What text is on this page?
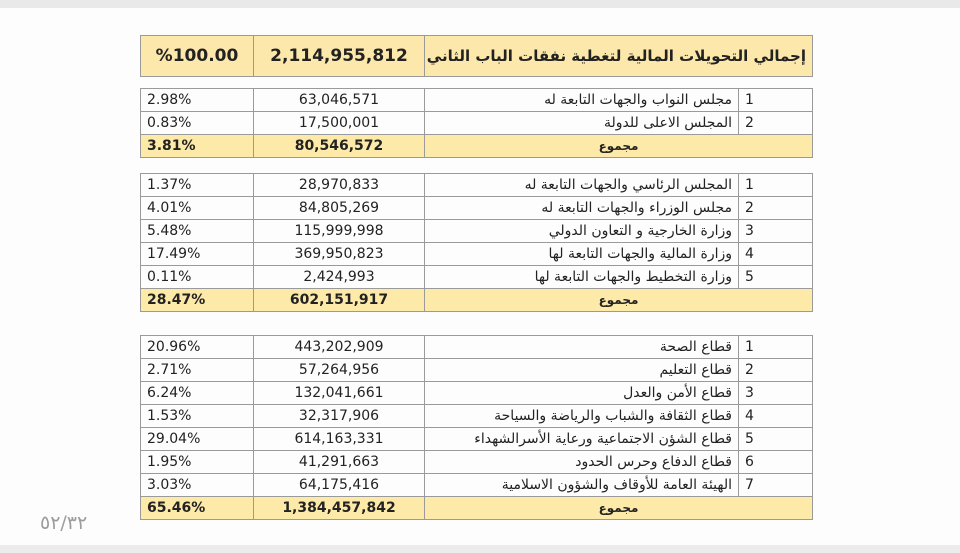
%100.00	2,114,955,812	إجمالي التحويلات المالية لتغطية نفقات الباب الثاني
2.98%	63,046,571	مجلس النواب والجهات التابعة له	1
0.83%	17,500,001	المجلس الاعلى للدولة	2
3.81%	80,546,572	مجموع	
1.37%	28,970,833	المجلس الرئاسي والجهات التابعة له	1
4.01%	84,805,269	مجلس الوزراء والجهات التابعة له	2
5.48%	115,999,998	وزارة الخارجية و التعاون الدولي	3
17.49%	369,950,823	وزارة المالية والجهات التابعة لها	4
0.11%	2,424,993	وزارة التخطيط والجهات التابعة لها	5
28.47%	602,151,917	مجموع	
20.96%	443,202,909	قطاع الصحة	1
2.71%	57,264,956	قطاع التعليم	2
6.24%	132,041,661	قطاع الأمن والعدل	3
1.53%	32,317,906	قطاع الثقافة والشباب والرياضة والسياحة	4
29.04%	614,163,331	قطاع الشؤن الاجتماعية ورعاية الأسرالشهداء	5
1.95%	41,291,663	قطاع الدفاع وحرس الحدود	6
3.03%	64,175,416	الهيئة العامة للأوقاف والشؤون الاسلامية	7
65.46%	1,384,457,842	مجموع	
٥٢/٣٢
